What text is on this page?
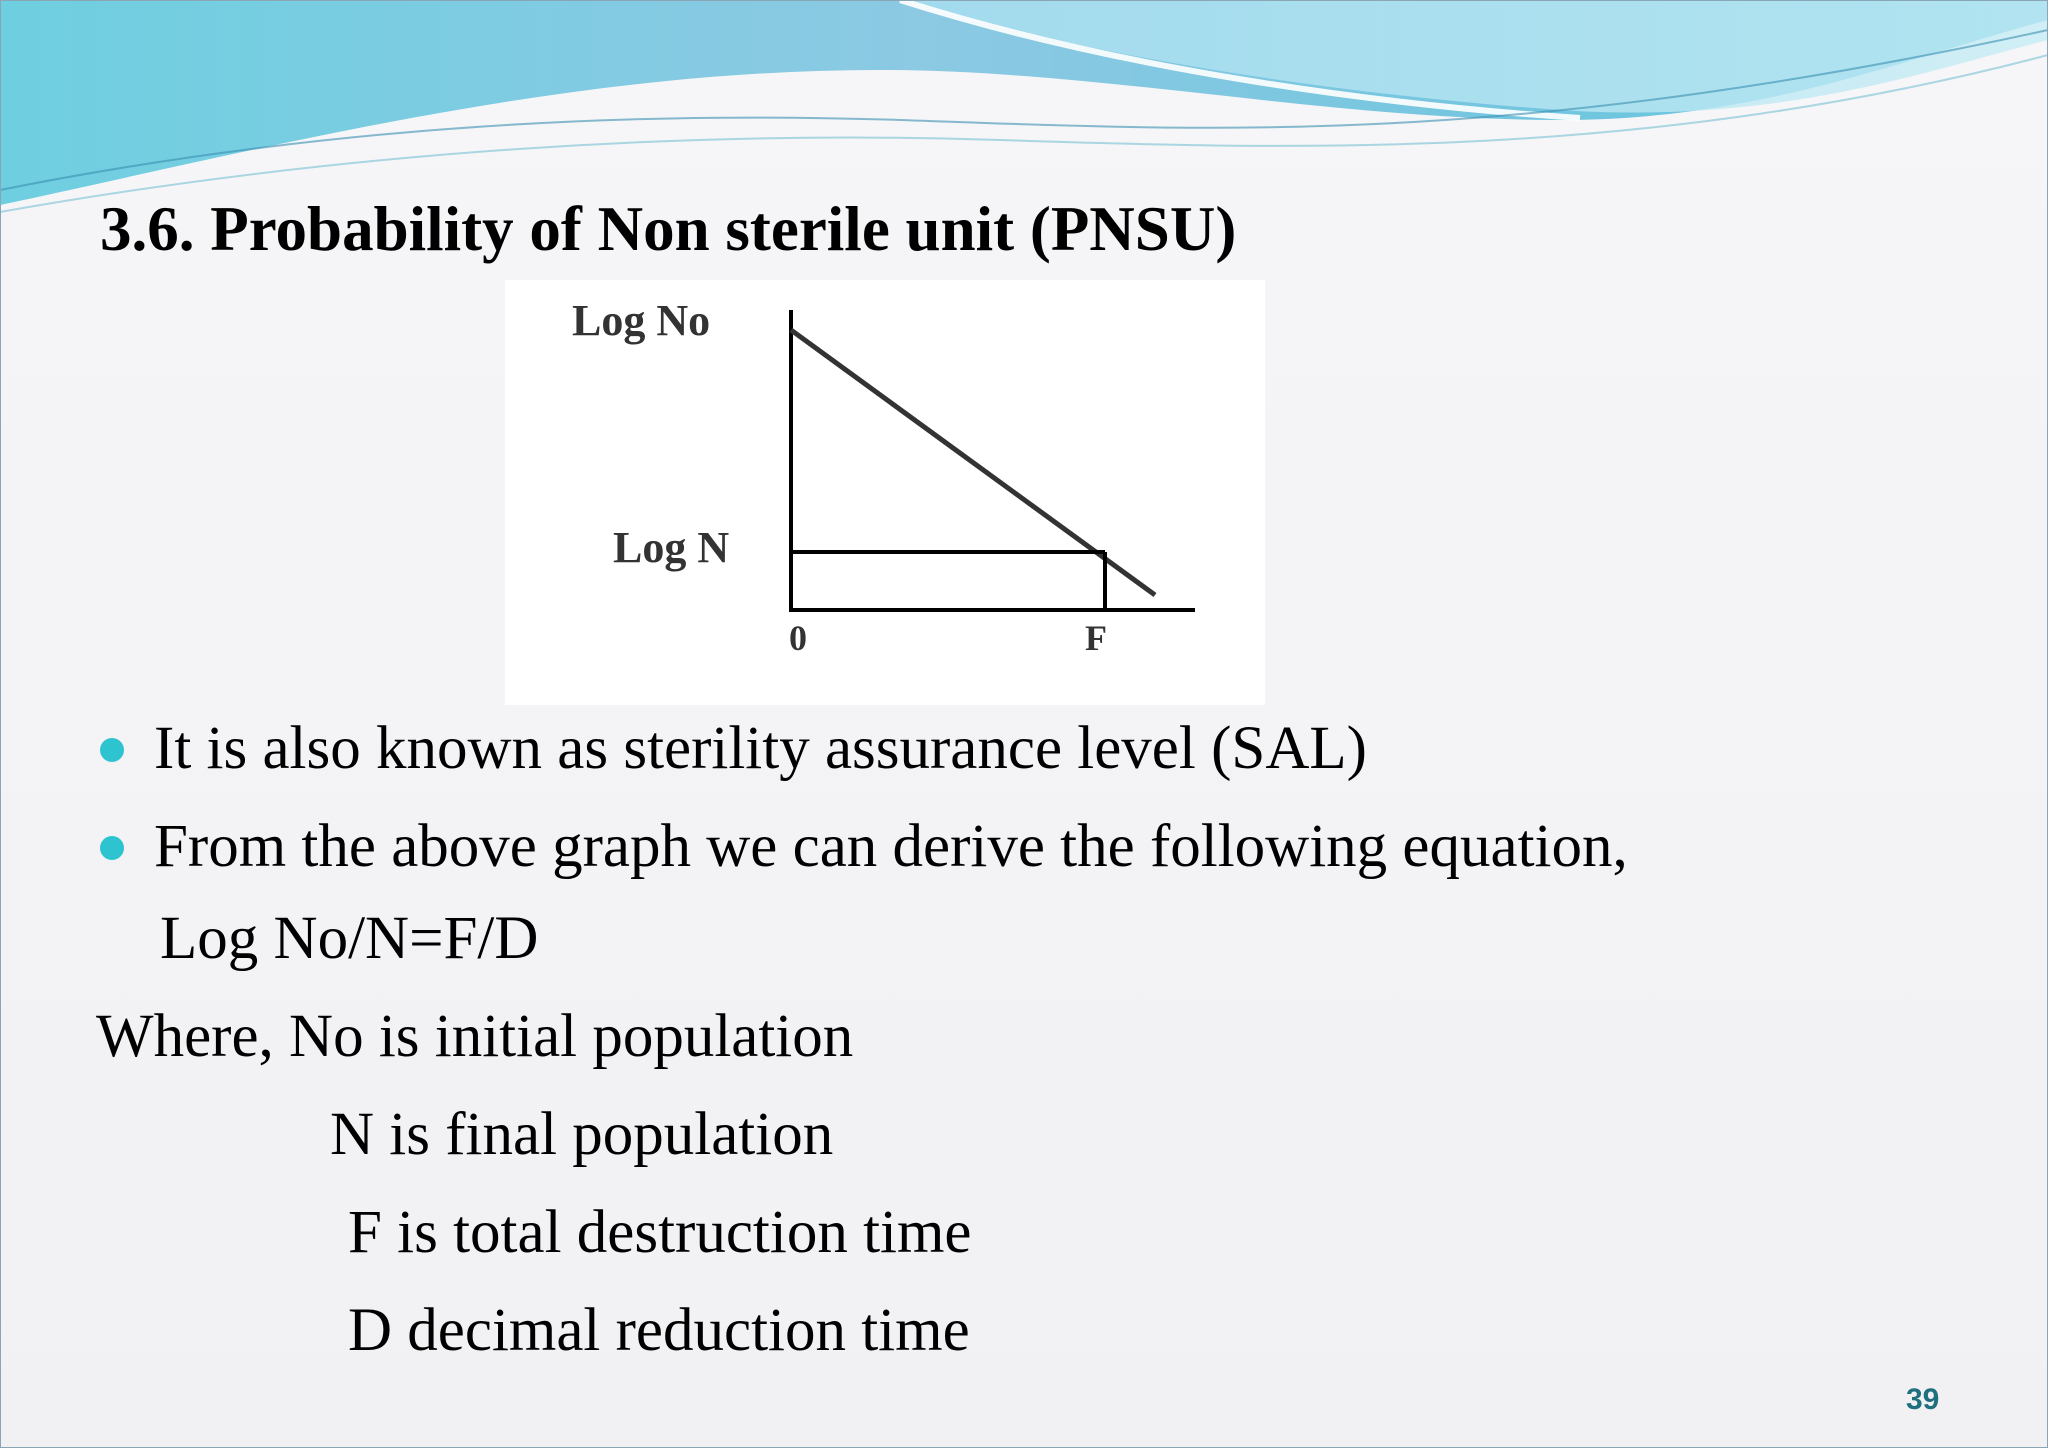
3.6. Probability of Non sterile unit (PNSU)
Log No
Log N
0	F
It is also known as sterility assurance level (SAL)
From the above graph we can derive the following equation,
Log No/N=F/D
Where, No is initial population
N is final population
F is total destruction time
D decimal reduction time
39
